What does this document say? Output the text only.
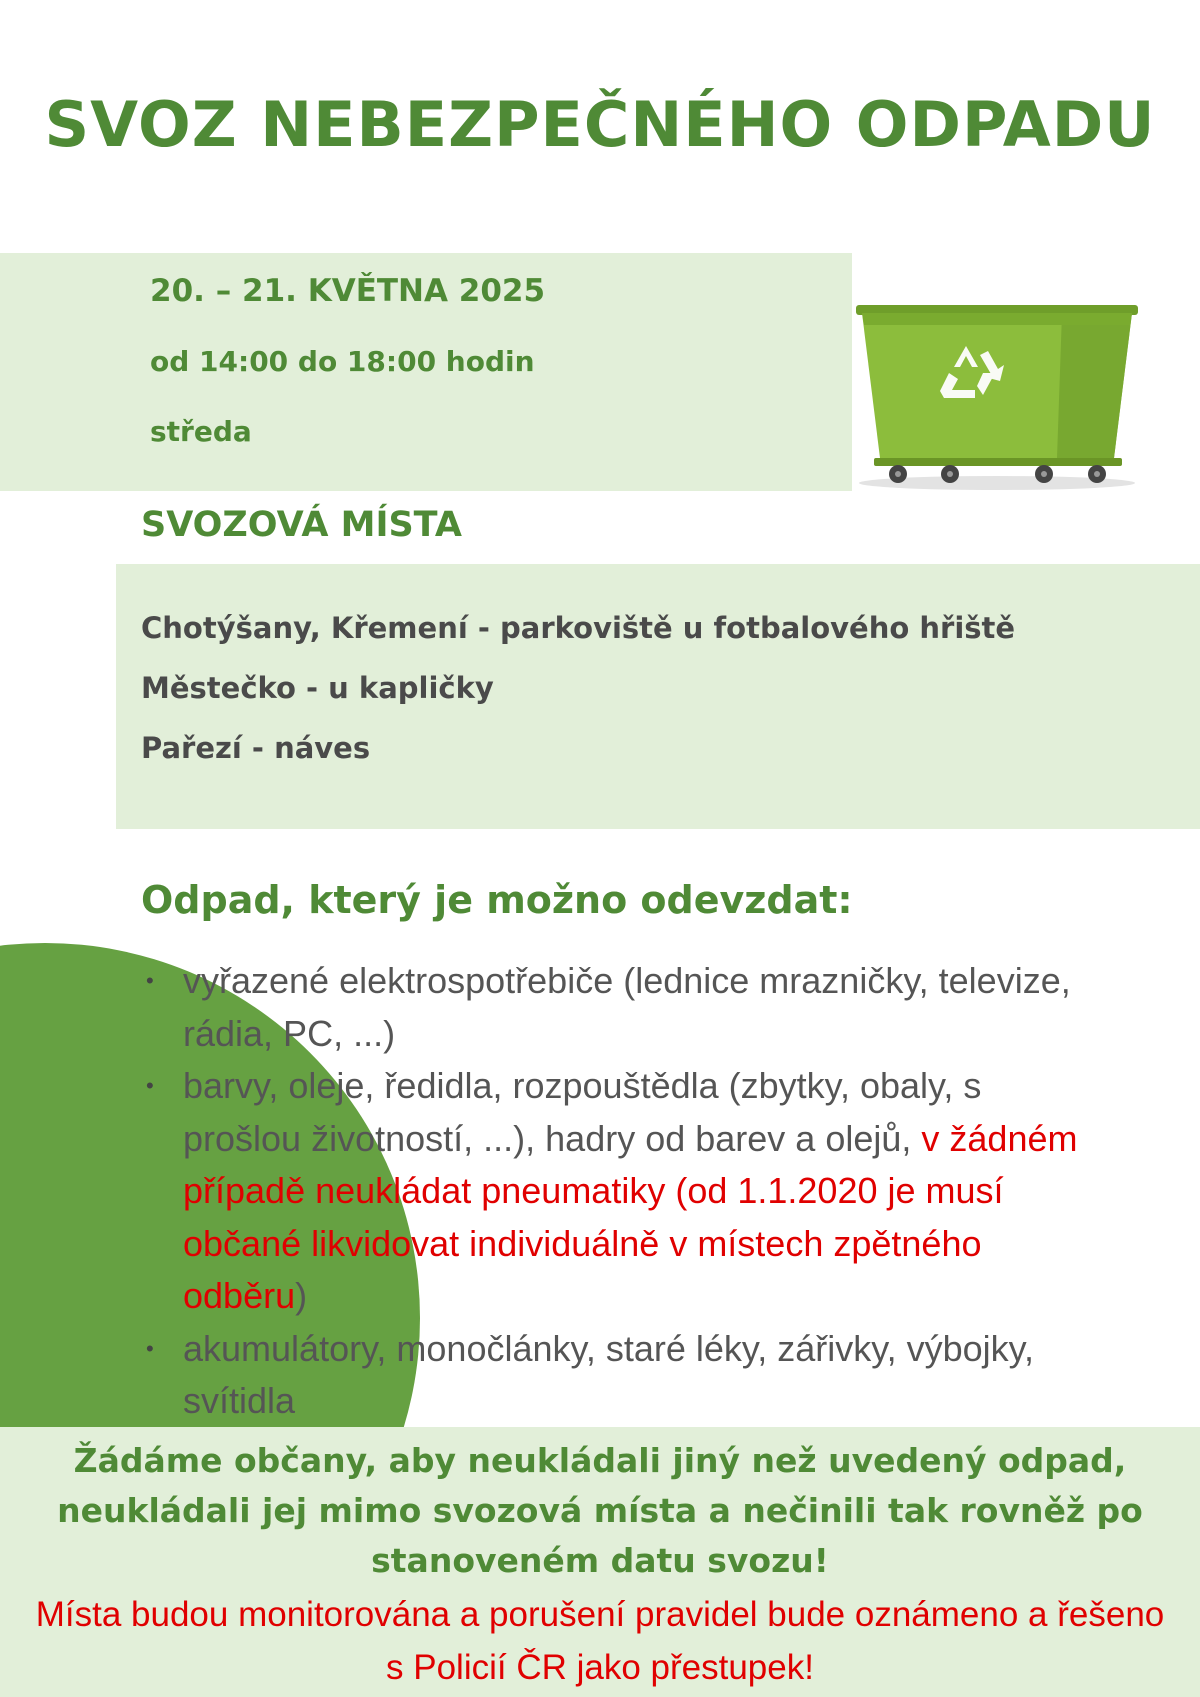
SVOZ NEBEZPEČNÉHO ODPADU

20. – 21. KVĚTNA 2025

od 14:00 do 18:00 hodin

středa

SVOZOVÁ MÍSTA

Chotýšany, Křemení - parkoviště u fotbalového hřiště

Městečko - u kapličky

Pařezí - náves

Odpad, který je možno odevzdat:
• vyřazené elektrospotřebiče (lednice mrazničky, televize, rádia, PC, ...)
• barvy, oleje, ředidla, rozpouštědla (zbytky, obaly, s prošlou životností, ...), hadry od barev a olejů, v žádném případě neukládat pneumatiky (od 1.1.2020 je musí občané likvidovat individuálně v místech zpětného odběru)
• akumulátory, monočlánky, staré léky, zářivky, výbojky, svítidla

Žádáme občany, aby neukládali jiný než uvedený odpad, neukládali jej mimo svozová místa a nečinili tak rovněž po stanoveném datu svozu!

Místa budou monitorována a porušení pravidel bude oznámeno a řešeno s Policií ČR jako přestupek!
